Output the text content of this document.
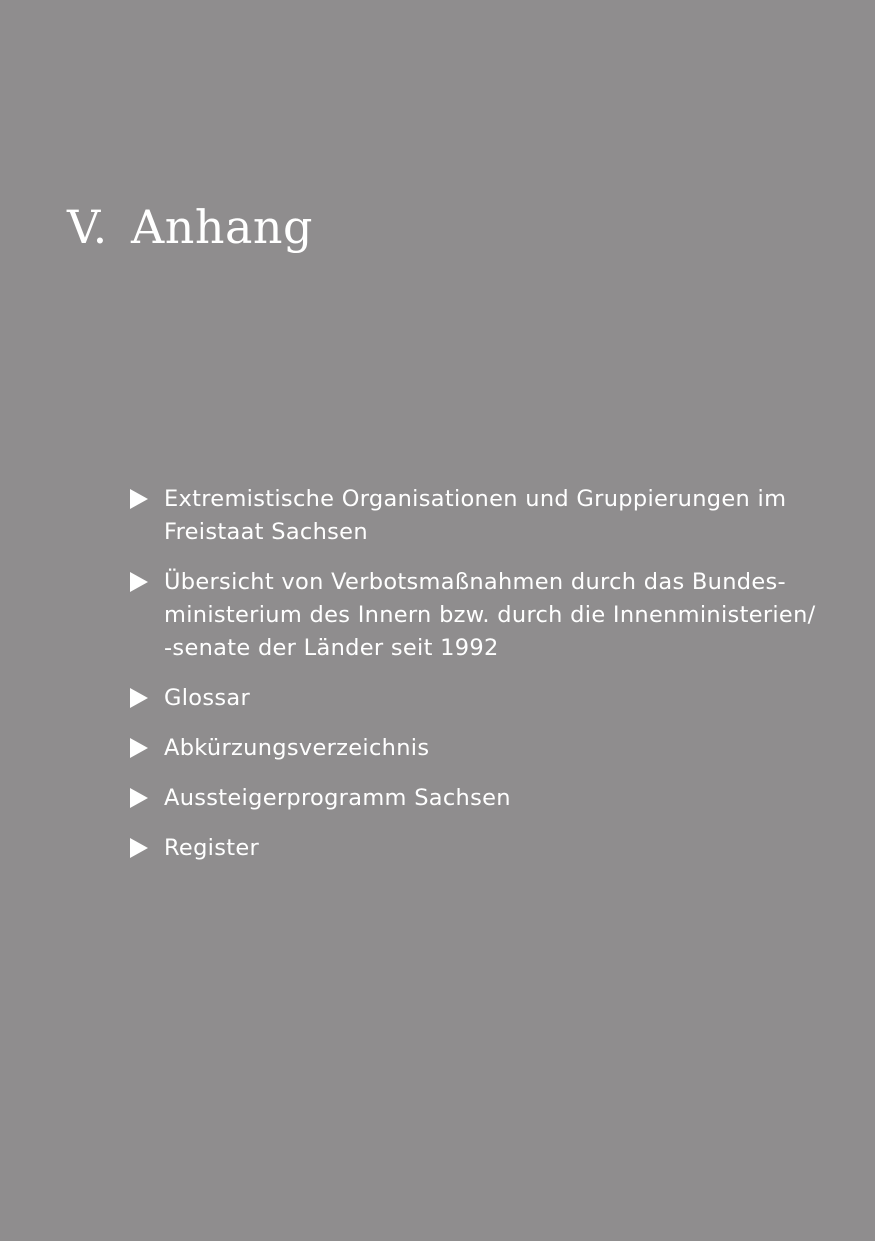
V. Anhang
Extremistische Organisationen und Gruppierungen im
Freistaat Sachsen
Übersicht von Verbotsmaßnahmen durch das Bundes-
ministerium des Innern bzw. durch die Innenministerien/
-senate der Länder seit 1992
Glossar
Abkürzungsverzeichnis
Aussteigerprogramm Sachsen
Register
